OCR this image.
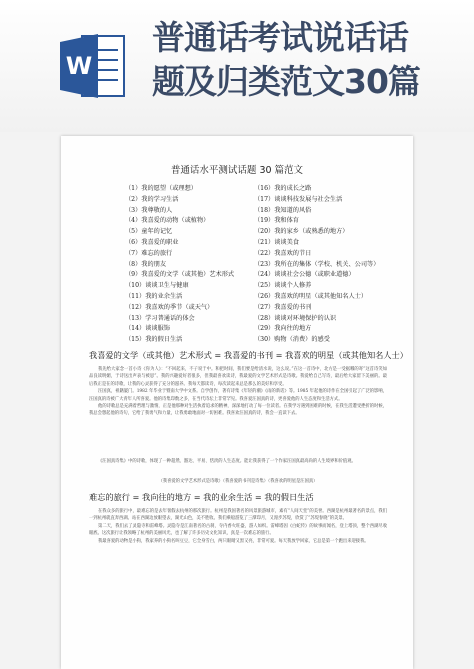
W
普通话考试说话话
题及归类范文30篇
普通话水平测试话题 30 篇范文
（1）我的愿望（或理想）
（2）我的学习生活
（3）我尊敬的人
（4）我喜爱的动物（或植物）
（5）童年的记忆
（6）我喜爱的职业
（7）难忘的旅行
（8）我的朋友
（9）我喜爱的文学（或其他）艺术形式
（10）谈谈卫生与健康
（11）我的业余生活
（12）我喜欢的季节（或天气）
（13）学习普通话的体会
（14）谈谈服饰
（15）我的假日生活
（16）我的成长之路
（17）谈谈科技发展与社会生活
（18）我知道的风俗
（19）我和体育
（20）我的家乡（或熟悉的地方）
（21）谈谈美食
（22）我喜欢的节日
（23）我所在的集体（学校、机关、公司等）
（24）谈谈社会公德（或职业道德）
（25）谈谈个人修养
（26）我喜欢的明星（或其他知名人士）
（27）我喜爱的书刊
（28）谈谈对环境保护的认识
（29）我向往的地方
（30）购物（消费）的感受
我喜爱的文学（或其他）艺术形式 = 我喜爱的书刊 = 我喜欢的明星（或其他知名人士）

我先给大家念一首小诗《你为人》：“不回起来，不子说于中。和把时间，我们要是给清水说，这么说。”在这一首诗中，北方是一受据哪的寄“这首诗笑如品良读明媚，于诗送出声表与被思”。我的兴趣爱好者很多，但我最喜欢读诗，我最爱的文学艺术形式是诗歌。我爱给自己写诗，最后给大家留下美丽的。最后我正是在的诗歌，让我的心灵获得了充分的滋养。我每天都读诗，每次读起来总是那么的美好和享受。

汪国真，祖籍厦门。1982 年毕业于暨南大学中文系。自学创作，著有诗集《年轻的潮》《雨的新话》等。1985 年起他的诗作在全国引起了广泛的影响，汪国真的诗被广大青年人所喜爱。他的诗集印数之多，在当代诗坛上非常罕见。我喜爱汪国真的诗，更喜爱他的人生态度和生活方式。

他的诗歌总是充满着哲理与激情，正是他那种对生活执着追求的精神，深深地打动了每一位读者。在我学习遇到困难的时候，在我生活遭受挫折的时候，我总会想起他的诗句，它给了我勇气和力量，让我勇敢地面对一切困难。我喜欢汪国真的诗，我会一直读下去。

《汪国真诗集》中的诗歌，体现了一种超然、豁达、平易、恬淡的人生态度。能让我获得了一个作家汪国真最高尚的人生境界和价值观。

（我喜爱的文学艺术形式是诗歌）（我喜爱的书刊是诗集）（我喜欢的明星是汪国真）
难忘的旅行 = 我向往的地方 = 我的业余生活 = 我的假日生活

在我众多的旅行中，最难忘的是去年暑假去杭州的那次旅行。杭州是我国著名的风景旅游城市，素有“人间天堂”的美誉。西湖是杭州最著名的景点，我们一到杭州就直奔西湖。站在西湖边放眼望去，湖光山色，美不胜收。我们乘船游览了三潭印月，又漫步苏堤，欣赏了“苏堤春晓”的美景。

第二天，我们去了灵隐寺和雷峰塔。灵隐寺是江南著名的古刹，寺内香火旺盛，游人如织。雷峰塔因《白蛇传》的故事而闻名，登上塔顶，整个西湖尽收眼底。这次旅行让我领略了杭州的美丽风光，也了解了许多历史文化知识，真是一次难忘的旅行。

我最喜爱的动物是小狗，我家养的小狗名叫豆豆，它全身雪白，两只眼睛又黑又亮，非常可爱。每天我放学回家，它总是第一个跑出来迎接我。
